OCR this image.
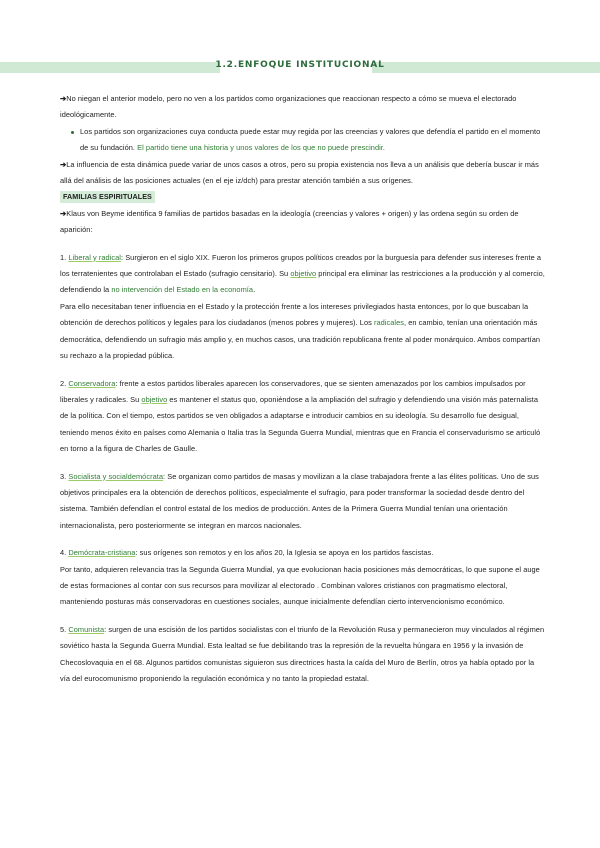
1.2.ENFOQUE INSTITUCIONAL

➔No niegan el anterior modelo, pero no ven a los partidos como organizaciones que reaccionan respecto a cómo se mueva el electorado ideológicamente.

Los partidos son organizaciones cuya conducta puede estar muy regida por las creencias y valores que defendía el partido en el momento de su fundación. El partido tiene una historia y unos valores de los que no puede prescindir.

➔La influencia de esta dinámica puede variar de unos casos a otros, pero su propia existencia nos lleva a un análisis que debería buscar ir más allá del análisis de las posiciones actuales (en el eje iz/dch) para prestar atención también a sus orígenes.

FAMILIAS ESPIRITUALES

➔Klaus von Beyme identifica 9 familias de partidos basadas en la ideología (creencias y valores + origen) y las ordena según su orden de aparición:

1. Liberal y radical: Surgieron en el siglo XIX. Fueron los primeros grupos políticos creados por la burguesía para defender sus intereses frente a los terratenientes que controlaban el Estado (sufragio censitario). Su objetivo principal era eliminar las restricciones a la producción y al comercio, defendiendo la no intervención del Estado en la economía.

Para ello necesitaban tener influencia en el Estado y la protección frente a los intereses privilegiados hasta entonces, por lo que buscaban la obtención de derechos políticos y legales para los ciudadanos (menos pobres y mujeres). Los radicales, en cambio, tenían una orientación más democrática, defendiendo un sufragio más amplio y, en muchos casos, una tradición republicana frente al poder monárquico. Ambos compartían su rechazo a la propiedad pública.

2. Conservadora: frente a estos partidos liberales aparecen los conservadores, que se sienten amenazados por los cambios impulsados por liberales y radicales. Su objetivo es mantener el status quo, oponiéndose a la ampliación del sufragio y defendiendo una visión más paternalista de la política. Con el tiempo, estos partidos se ven obligados a adaptarse e introducir cambios en su ideología. Su desarrollo fue desigual, teniendo menos éxito en países como Alemania o Italia tras la Segunda Guerra Mundial, mientras que en Francia el conservadurismo se articuló en torno a la figura de Charles de Gaulle.

3. Socialista y socialdemócrata: Se organizan como partidos de masas y movilizan a la clase trabajadora frente a las élites políticas. Uno de sus objetivos principales era la obtención de derechos políticos, especialmente el sufragio, para poder transformar la sociedad desde dentro del sistema. También defendían el control estatal de los medios de producción. Antes de la Primera Guerra Mundial tenían una orientación internacionalista, pero posteriormente se integran en marcos nacionales.

4. Demócrata-cristiana: sus orígenes son remotos y en los años 20, la Iglesia se apoya en los partidos fascistas.

Por tanto, adquieren relevancia tras la Segunda Guerra Mundial, ya que evolucionan hacia posiciones más democráticas, lo que supone el auge de estas formaciones al contar con sus recursos para movilizar al electorado . Combinan valores cristianos con pragmatismo electoral, manteniendo posturas más conservadoras en cuestiones sociales, aunque inicialmente defendían cierto intervencionismo económico.

5. Comunista: surgen de una escisión de los partidos socialistas con el triunfo de la Revolución Rusa y permanecieron muy vinculados al régimen soviético hasta la Segunda Guerra Mundial. Esta lealtad se fue debilitando tras la represión de la revuelta húngara en 1956 y la invasión de Checoslovaquia en el 68. Algunos partidos comunistas siguieron sus directrices hasta la caída del Muro de Berlín, otros ya había optado por la vía del eurocomunismo proponiendo la regulación económica y no tanto la propiedad estatal.
